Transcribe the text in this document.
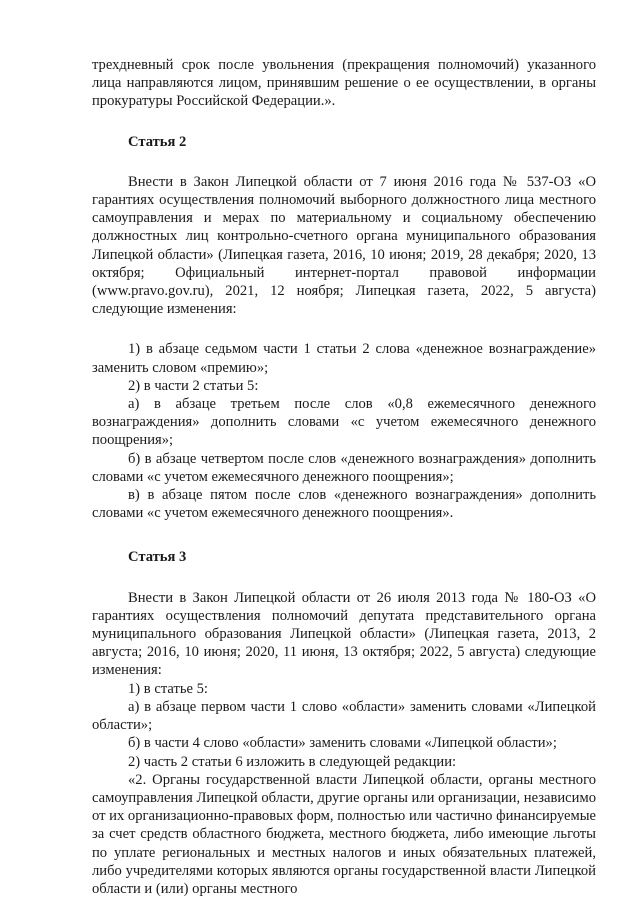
трехдневный срок после увольнения (прекращения полномочий) указанного лица направляются лицом, принявшим решение о ее осуществлении, в органы прокуратуры Российской Федерации.».

Статья 2

Внести в Закон Липецкой области от 7 июня 2016 года № 537-ОЗ «О гарантиях осуществления полномочий выборного должностного лица местного самоуправления и мерах по материальному и социальному обеспечению должностных лиц контрольно-счетного органа муниципального образования Липецкой области» (Липецкая газета, 2016, 10 июня; 2019, 28 декабря; 2020, 13 октября; Официальный интернет-портал правовой информации (www.pravo.gov.ru), 2021, 12 ноября; Липецкая газета, 2022, 5 августа) следующие изменения:

1) в абзаце седьмом части 1 статьи 2 слова «денежное вознаграждение» заменить словом «премию»;

2) в части 2 статьи 5:

а) в абзаце третьем после слов «0,8 ежемесячного денежного вознаграждения» дополнить словами «с учетом ежемесячного денежного поощрения»;

б) в абзаце четвертом после слов «денежного вознаграждения» дополнить словами «с учетом ежемесячного денежного поощрения»;

в) в абзаце пятом после слов «денежного вознаграждения» дополнить словами «с учетом ежемесячного денежного поощрения».

Статья 3

Внести в Закон Липецкой области от 26 июля 2013 года № 180-ОЗ «О гарантиях осуществления полномочий депутата представительного органа муниципального образования Липецкой области» (Липецкая газета, 2013, 2 августа; 2016, 10 июня; 2020, 11 июня, 13 октября; 2022, 5 августа) следующие изменения:

1) в статье 5:

а) в абзаце первом части 1 слово «области» заменить словами «Липецкой области»;

б) в части 4 слово «области» заменить словами «Липецкой области»;

2) часть 2 статьи 6 изложить в следующей редакции:

«2. Органы государственной власти Липецкой области, органы местного самоуправления Липецкой области, другие органы или организации, независимо от их организационно-правовых форм, полностью или частично финансируемые за счет средств областного бюджета, местного бюджета, либо имеющие льготы по уплате региональных и местных налогов и иных обязательных платежей, либо учредителями которых являются органы государственной власти Липецкой области и (или) органы местного
